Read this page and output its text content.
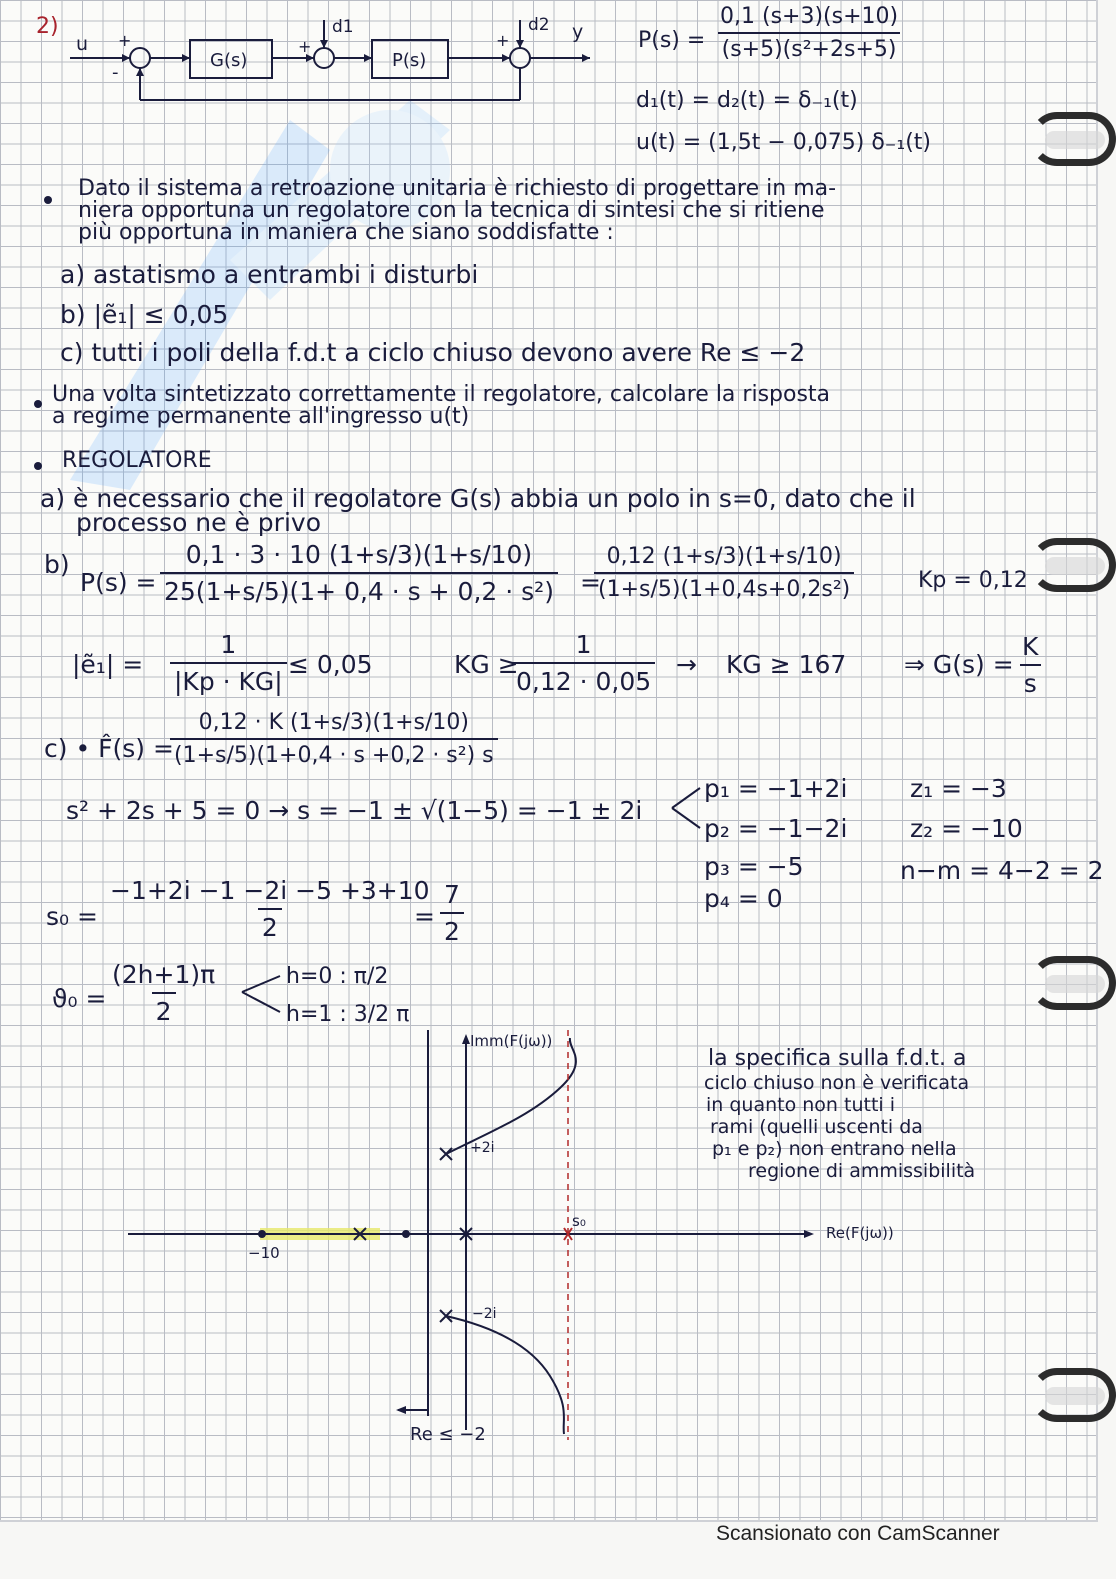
2)
u
G(s)	P(s)
d1	d2 y
+
-
+	+	$P(s) = \frac{0,1 (s+3)(s+10)}{\text{(s+5)(s²+2s+5)}}$
d₁(t) = d₂(t) = δ₋₁(t)
u(t) = (1,5t − 0,075) δ₋₁(t)
Dato il sistema a retroazione unitaria è richiesto di progettare in ma-
niera opportuna un regolatore con la tecnica di sintesi che si ritiene
più opportuna in maniera che siano soddisfatte :
a) astatismo a entrambi i disturbi
b) |ẽ₁| ≤ 0,05
c) tutti i poli della f.d.t a ciclo chiuso devono avere Re ≤ −2
Una volta sintetizzato correttamente il regolatore, calcolare la risposta
a regime permanente all'ingresso u(t)
REGOLATORE
a) è necessario che il regolatore G(s) abbia un polo in s=0, dato che il
processo ne è privo
b)
$P(s) = \frac{0,1 \cdot 3 \cdot 10 (1+s/3)(1+s/10)}{\text{25(1+s/5)(1+ 0,4 · s + 0,2 · s²)}}$ =
$\frac{0,12 (1+s/3)(1+s/10)}{\text{(1+s/5)(1+0,4s+0,2s²)}}$	Kp = 0,12
|ẽ₁| = $\frac{1}{|Kp \cdot KG|} \le 0,05$	KG ≥
$\frac{1}{0,12 \cdot 0,05}$ → KG ≥ 167 ⇒ $G(s) = \frac{K}{s}$
c) • F̂(s) =
$\frac{0,12 \cdot K (1+s/3)(1+s/10)}{\text{(1+s/5)(1+0,4 · s +0,2 · s²) s}}$
s² + 2s + 5 = 0 → s = −1 ± √(1−5) = −1 ± 2i
p₁ = −1+2i
p₂ = −1−2i
p₃ = −5
p₄ = 0
z₁ = −3
z₂ = −10
n−m = 4−2 = 2
$s_0 = \frac{-1+2i -1 -2i -5 +3+10}{2}$
= $\frac{7}{2}$
$ϑ_0 = \frac{(2h+1)\pi}{2}$	h=0 : π/2
h=1 : 3/2 π
Imm(F(jω))
Re(F(jω))
+2i
−2i
−10
s₀
Re ≤ −2
la specifica sulla f.d.t. a
ciclo chiuso non è verificata
in quanto non tutti i
rami (quelli uscenti da
p₁ e p₂) non entrano nella
regione di ammissibilità
Scansionato con CamScanner
